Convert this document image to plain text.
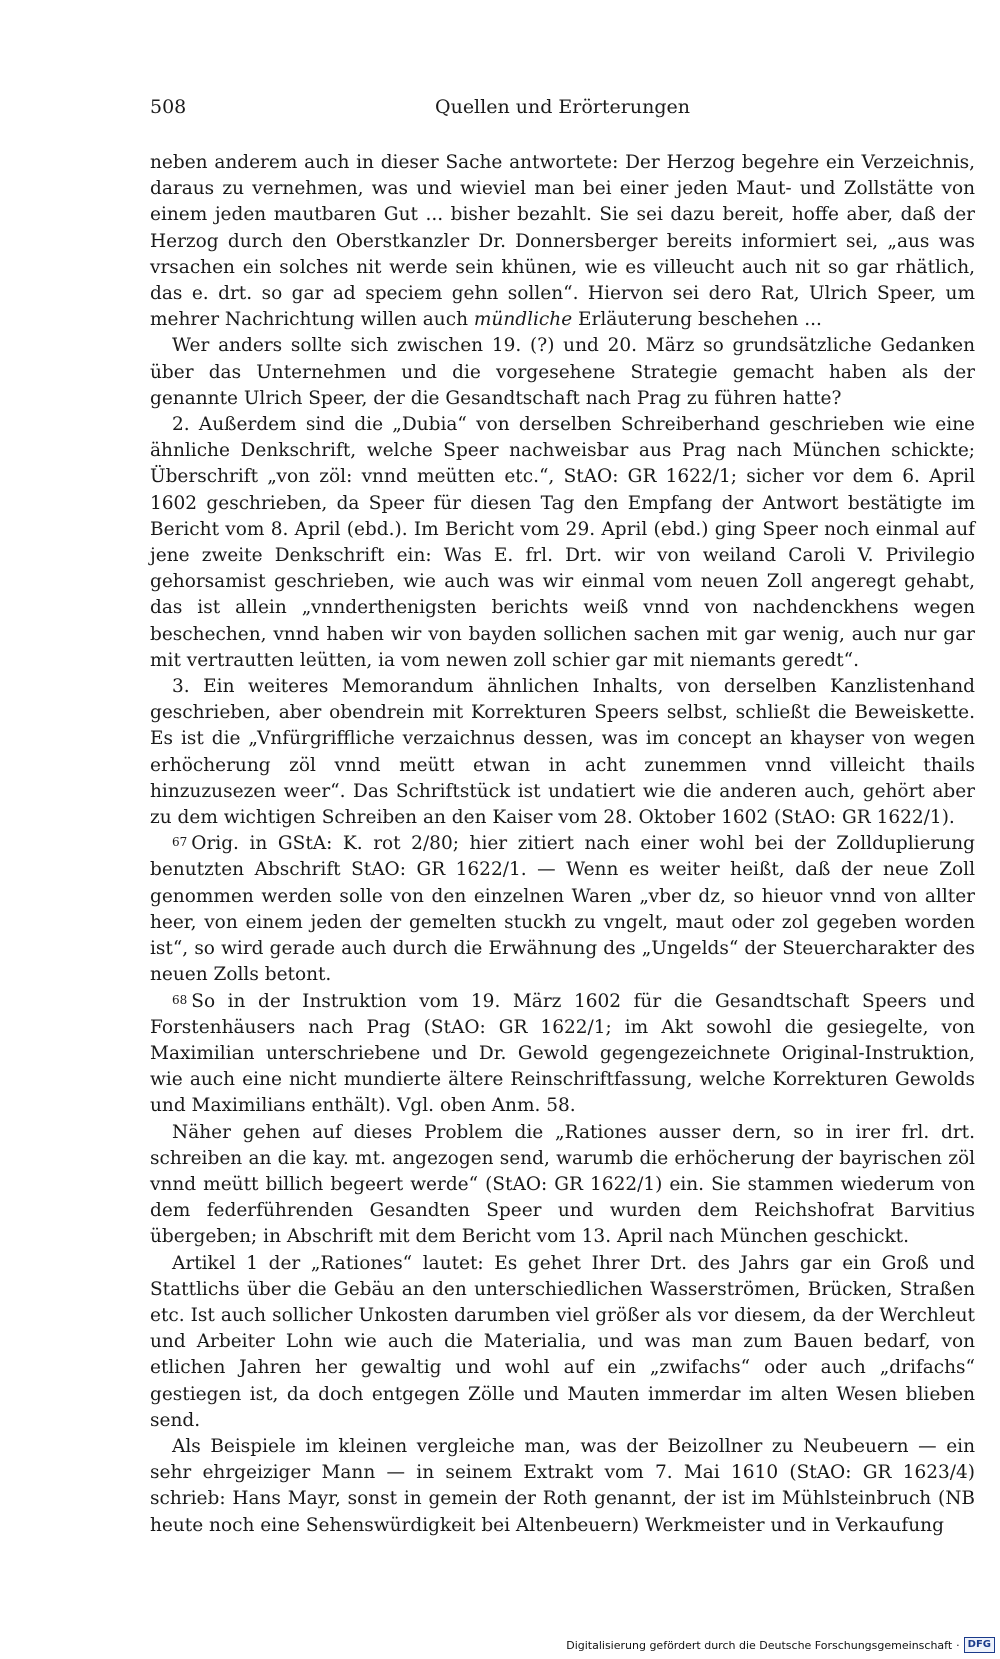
508	Quellen und Erörterungen

neben anderem auch in dieser Sache antwortete: Der Herzog begehre ein Verzeichnis, daraus zu vernehmen, was und wieviel man bei einer jeden Maut- und Zollstätte von einem jeden mautbaren Gut ... bisher bezahlt. Sie sei dazu bereit, hoffe aber, daß der Herzog durch den Oberstkanzler Dr. Donnersberger bereits informiert sei, „aus was vrsachen ein solches nit werde sein khünen, wie es villeucht auch nit so gar rhätlich, das e. drt. so gar ad speciem gehn sollen“. Hiervon sei dero Rat, Ulrich Speer, um mehrer Nachrichtung willen auch mündliche Erläuterung beschehen ...

Wer anders sollte sich zwischen 19. (?) und 20. März so grundsätzliche Gedanken über das Unternehmen und die vorgesehene Strategie gemacht haben als der genannte Ulrich Speer, der die Gesandtschaft nach Prag zu führen hatte?

2. Außerdem sind die „Dubia“ von derselben Schreiberhand geschrieben wie eine ähnliche Denkschrift, welche Speer nachweisbar aus Prag nach München schickte; Überschrift „von zöl: vnnd meütten etc.“, StAO: GR 1622/1; sicher vor dem 6. April 1602 geschrieben, da Speer für diesen Tag den Empfang der Antwort bestätigte im Bericht vom 8. April (ebd.). Im Bericht vom 29. April (ebd.) ging Speer noch einmal auf jene zweite Denkschrift ein: Was E. frl. Drt. wir von weiland Caroli V. Privilegio gehorsamist geschrieben, wie auch was wir einmal vom neuen Zoll angeregt gehabt, das ist allein „vnnderthenigsten berichts weiß vnnd von nachdenckhens wegen beschechen, vnnd haben wir von bayden sollichen sachen mit gar wenig, auch nur gar mit vertrautten leütten, ia vom newen zoll schier gar mit niemants geredt“.

3. Ein weiteres Memorandum ähnlichen Inhalts, von derselben Kanzlistenhand geschrieben, aber obendrein mit Korrekturen Speers selbst, schließt die Beweiskette. Es ist die „Vnfürgriffliche verzaichnus dessen, was im concept an khayser von wegen erhöcherung zöl vnnd meütt etwan in acht zunemmen vnnd villeicht thails hinzuzusezen weer“. Das Schriftstück ist undatiert wie die anderen auch, gehört aber zu dem wichtigen Schreiben an den Kaiser vom 28. Oktober 1602 (StAO: GR 1622/1).

$^{67}$ Orig. in GStA: K. rot 2/80; hier zitiert nach einer wohl bei der Zollduplierung benutzten Abschrift StAO: GR 1622/1. — Wenn es weiter heißt, daß der neue Zoll genommen werden solle von den einzelnen Waren „vber dz, so hieuor vnnd von allter heer, von einem jeden der gemelten stuckh zu vngelt, maut oder zol gegeben worden ist“, so wird gerade auch durch die Erwähnung des „Ungelds“ der Steuercharakter des neuen Zolls betont.

$^{68}$ So in der Instruktion vom 19. März 1602 für die Gesandtschaft Speers und Forstenhäusers nach Prag (StAO: GR 1622/1; im Akt sowohl die gesiegelte, von Maximilian unterschriebene und Dr. Gewold gegengezeichnete Original-Instruktion, wie auch eine nicht mundierte ältere Reinschriftfassung, welche Korrekturen Gewolds und Maximilians enthält). Vgl. oben Anm. 58.

Näher gehen auf dieses Problem die „Rationes ausser dern, so in irer frl. drt. schreiben an die kay. mt. angezogen send, warumb die erhöcherung der bayrischen zöl vnnd meütt billich begeert werde“ (StAO: GR 1622/1) ein. Sie stammen wiederum von dem federführenden Gesandten Speer und wurden dem Reichshofrat Barvitius übergeben; in Abschrift mit dem Bericht vom 13. April nach München geschickt.

Artikel 1 der „Rationes“ lautet: Es gehet Ihrer Drt. des Jahrs gar ein Groß und Stattlichs über die Gebäu an den unterschiedlichen Wasserströmen, Brücken, Straßen etc. Ist auch sollicher Unkosten darumben viel größer als vor diesem, da der Werchleut und Arbeiter Lohn wie auch die Materialia, und was man zum Bauen bedarf, von etlichen Jahren her gewaltig und wohl auf ein „zwifachs“ oder auch „drifachs“ gestiegen ist, da doch entgegen Zölle und Mauten immerdar im alten Wesen blieben send.

Als Beispiele im kleinen vergleiche man, was der Beizollner zu Neubeuern — ein sehr ehrgeiziger Mann — in seinem Extrakt vom 7. Mai 1610 (StAO: GR 1623/4) schrieb: Hans Mayr, sonst in gemein der Roth genannt, der ist im Mühlsteinbruch (NB heute noch eine Sehenswürdigkeit bei Altenbeuern) Werkmeister und in Verkaufung

Digitalisierung gefördert durch die Deutsche Forschungsgemeinschaft · DFG
